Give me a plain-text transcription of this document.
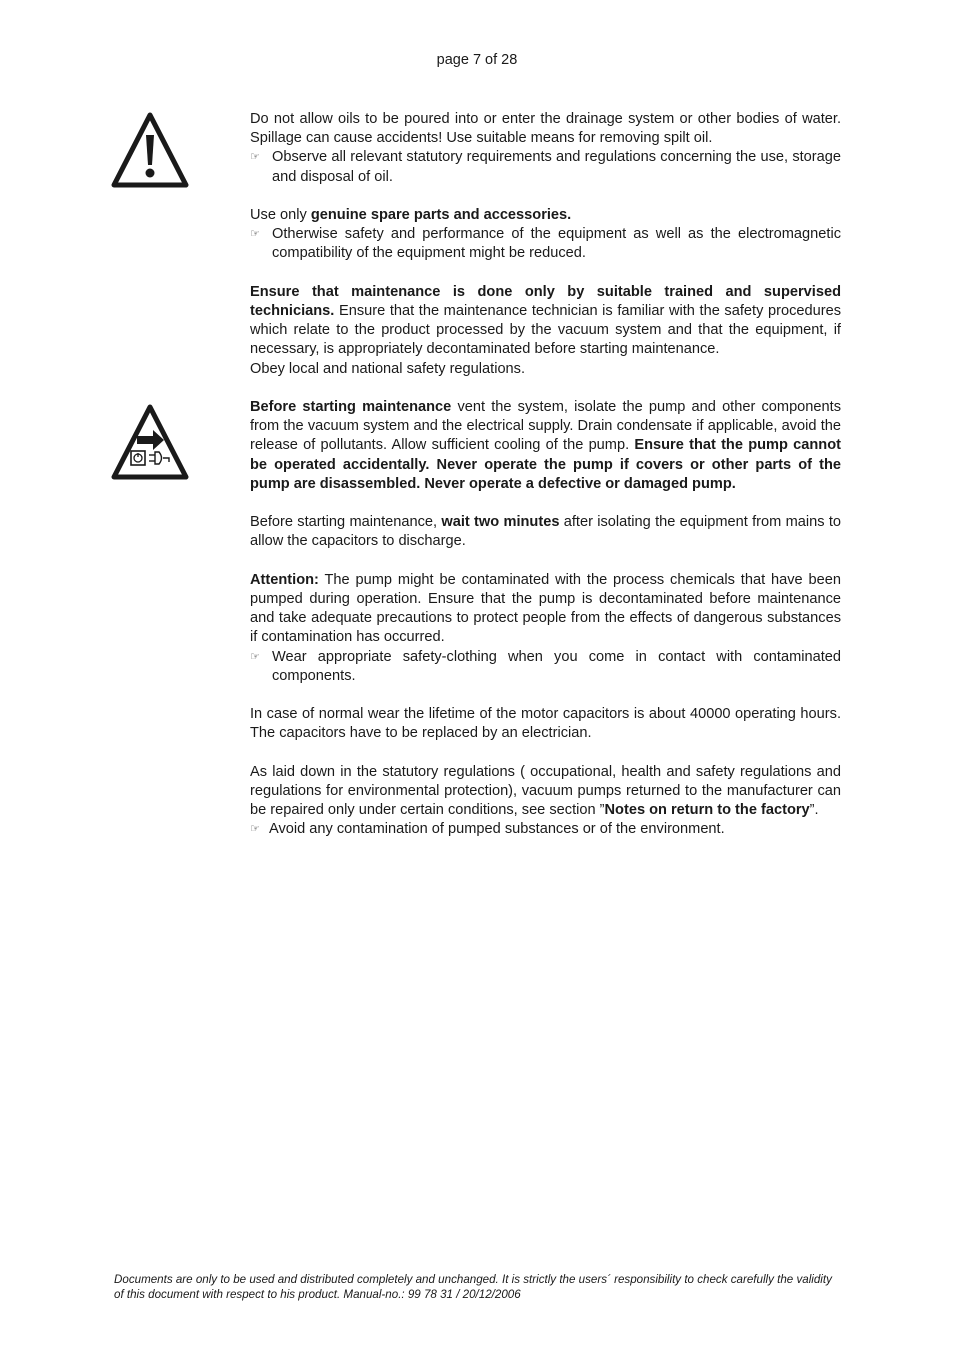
page 7 of 28

Do not allow oils to be poured into or enter the drainage system or other bodies of water. Spillage can cause accidents! Use suitable means for removing spilt oil.

☞ Observe all relevant statutory requirements and regulations concerning the use, storage and disposal of oil.

Use only genuine spare parts and accessories.

☞ Otherwise safety and performance of the equipment as well as the electromagnetic compatibility of the equipment might be reduced.

Ensure that maintenance is done only by suitable trained and supervised technicians. Ensure that the maintenance technician is familiar with the safety procedures which relate to the product processed by the vacuum system and that the equipment, if necessary, is appropriately decontaminated before starting maintenance.

Obey local and national safety regulations.

Before starting maintenance vent the system, isolate the pump and other components from the vacuum system and the electrical supply. Drain condensate if applicable, avoid the release of pollutants. Allow sufficient cooling of the pump. Ensure that the pump cannot be operated accidentally. Never operate the pump if covers or other parts of the pump are disassembled. Never operate a defective or damaged pump.

Before starting maintenance, wait two minutes after isolating the equipment from mains to allow the capacitors to discharge.

Attention: The pump might be contaminated with the process chemicals that have been pumped during operation. Ensure that the pump is decontaminated before maintenance and take adequate precautions to protect people from the effects of dangerous substances if contamination has occurred.

☞ Wear appropriate safety-clothing when you come in contact with contaminated components.

In case of normal wear the lifetime of the motor capacitors is about 40000 operating hours. The capacitors have to be replaced by an electrician.

As laid down in the statutory regulations ( occupational, health and safety regulations and regulations for environmental protection), vacuum pumps returned to the manufacturer can be repaired only under certain conditions, see section ”Notes on return to the factory”.

☞ Avoid any contamination of pumped substances or of the environment.
Documents are only to be used and distributed completely and unchanged. It is strictly the users´ responsibility to check carefully the validity of this document with respect to his product. Manual-no.: 99 78 31 / 20/12/2006
